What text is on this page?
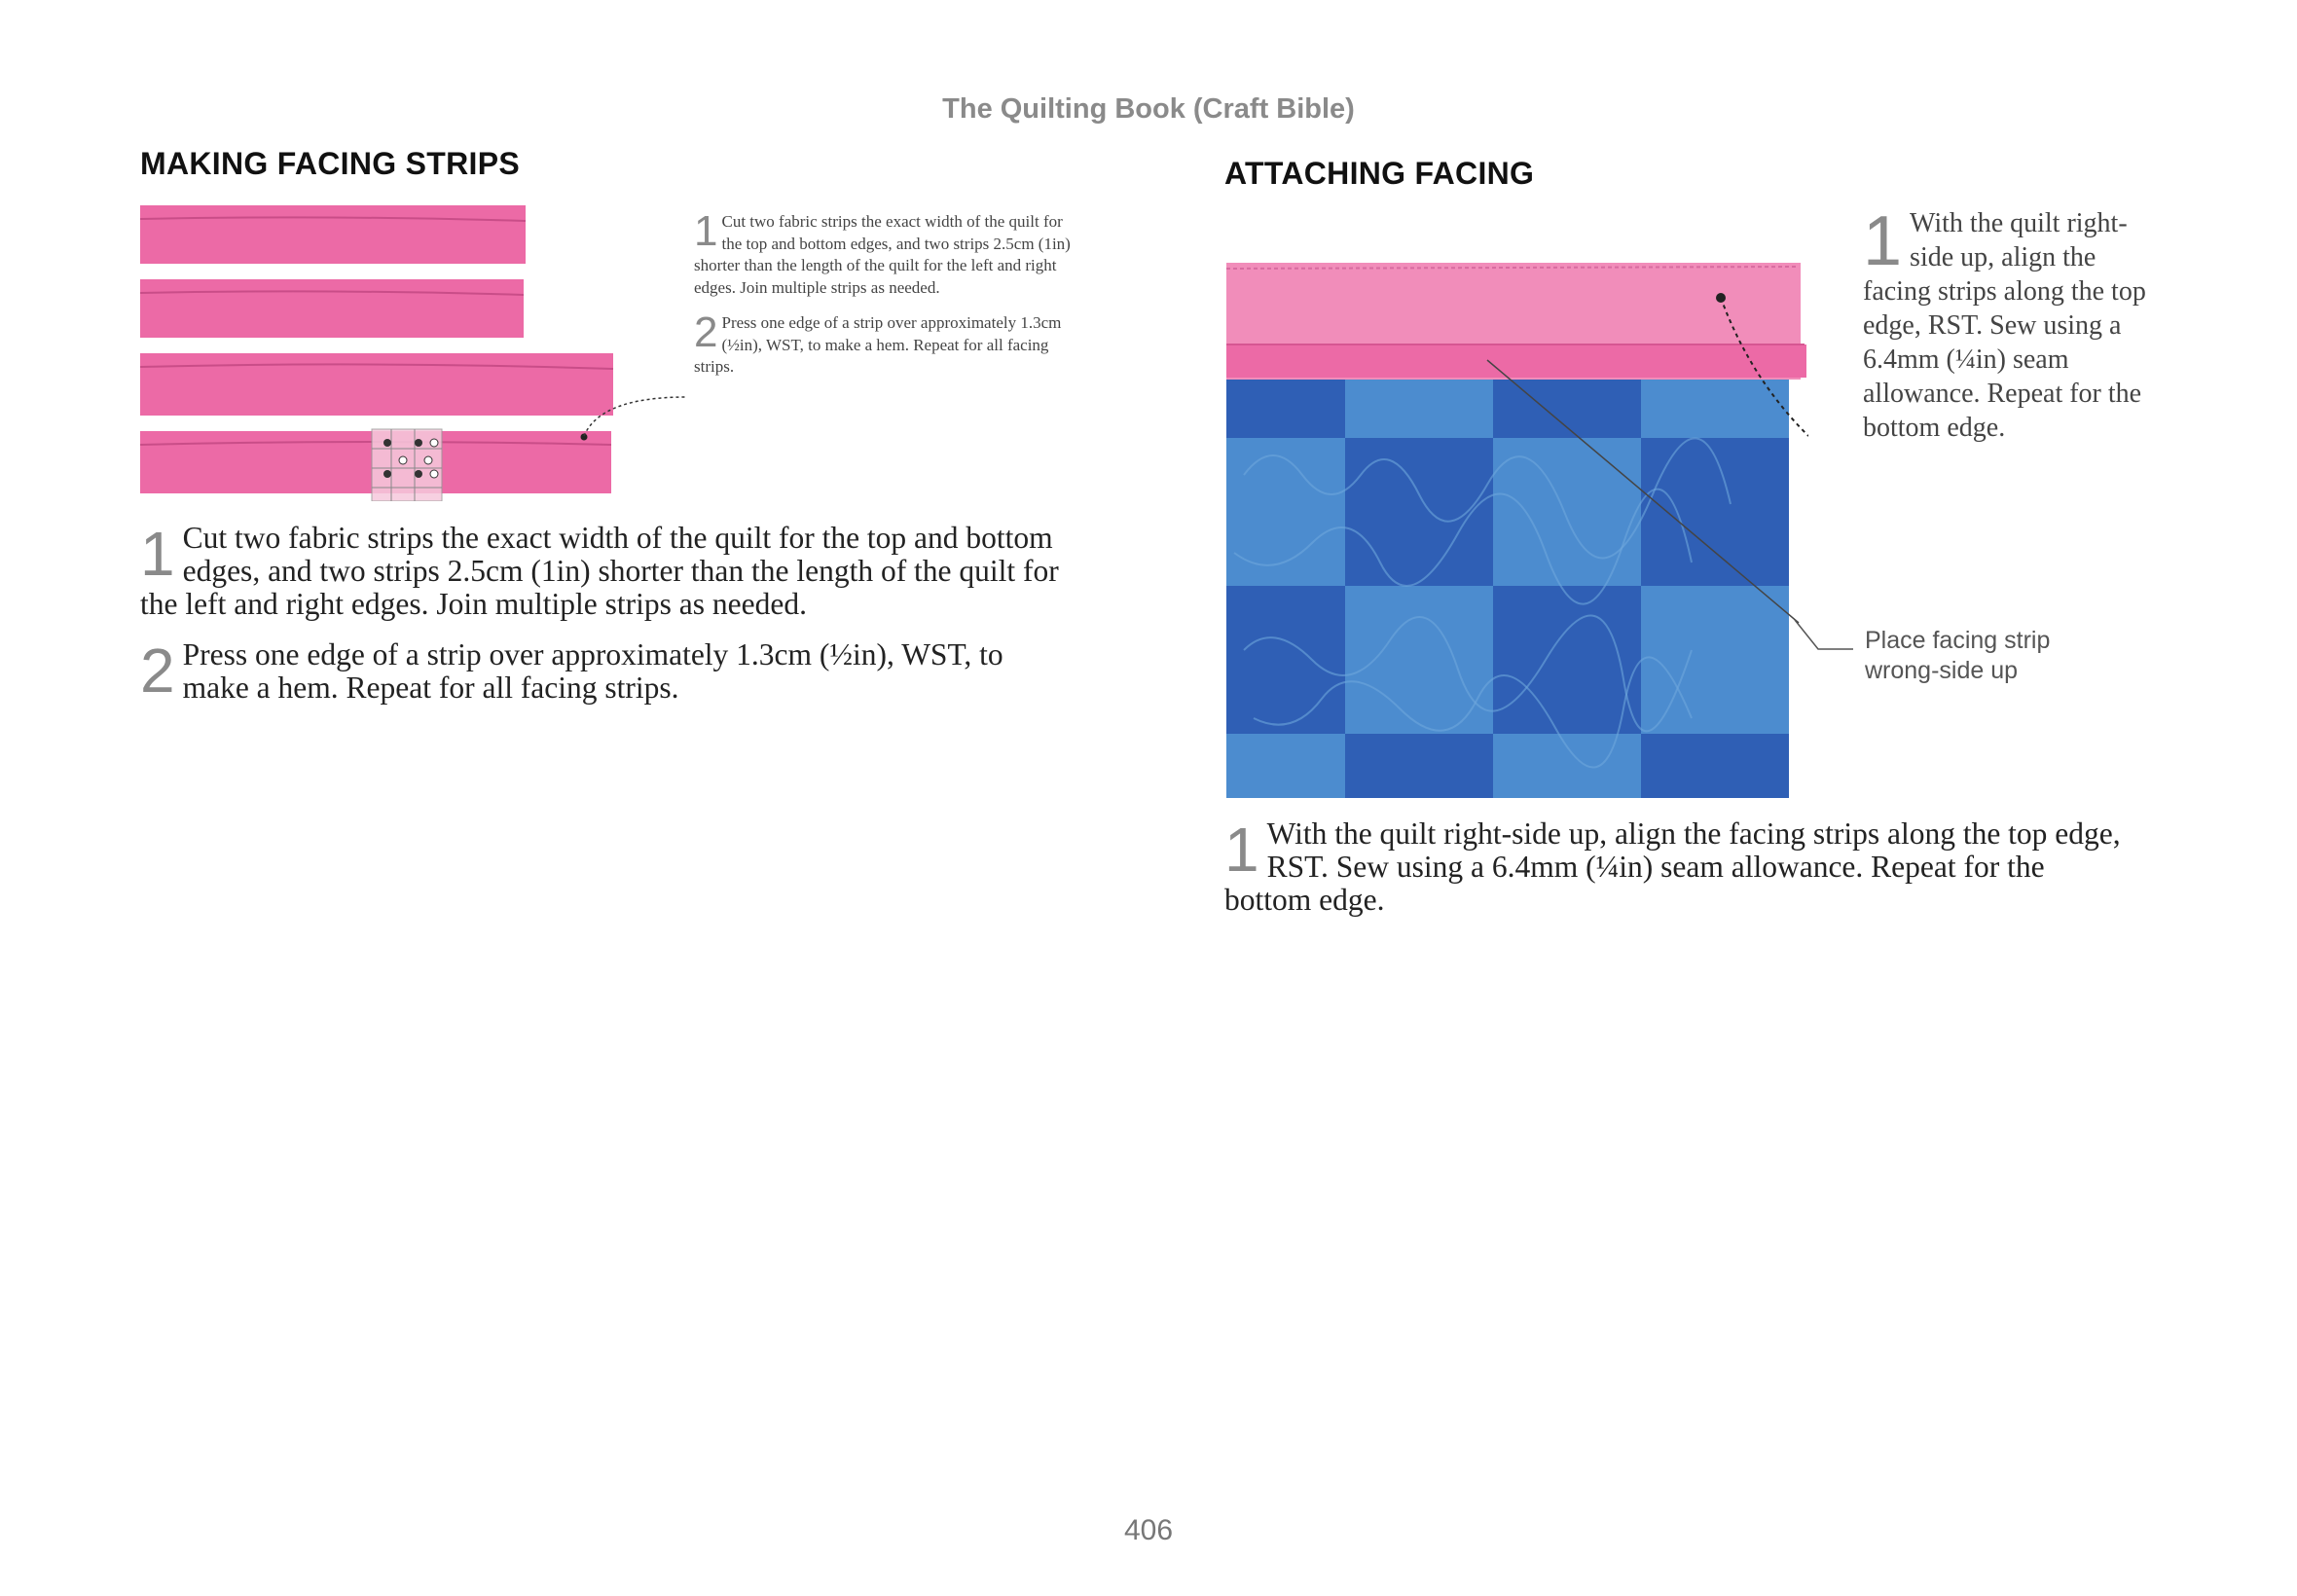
The Quilting Book (Craft Bible)
MAKING FACING STRIPS

1 Cut two fabric strips the exact width of the quilt for the top and bottom edges, and two strips 2.5cm (1in) shorter than the length of the quilt for the left and right edges. Join multiple strips as needed.

2 Press one edge of a strip over approximately 1.3cm (½in), WST, to make a hem. Repeat for all facing strips.

1 Cut two fabric strips the exact width of the quilt for the top and bottom edges, and two strips 2.5cm (1in) shorter than the length of the quilt for the left and right edges. Join multiple strips as needed.

2 Press one edge of a strip over approximately 1.3cm (½in), WST, to make a hem. Repeat for all facing strips.

ATTACHING FACING
1 With the quilt right-side up, align the facing strips along the top edge, RST. Sew using a 6.4mm (¼in) seam allowance. Repeat for the bottom edge.
Place facing strip wrong-side up

1 With the quilt right-side up, align the facing strips along the top edge, RST. Sew using a 6.4mm (¼in) seam allowance. Repeat for the bottom edge.

406
